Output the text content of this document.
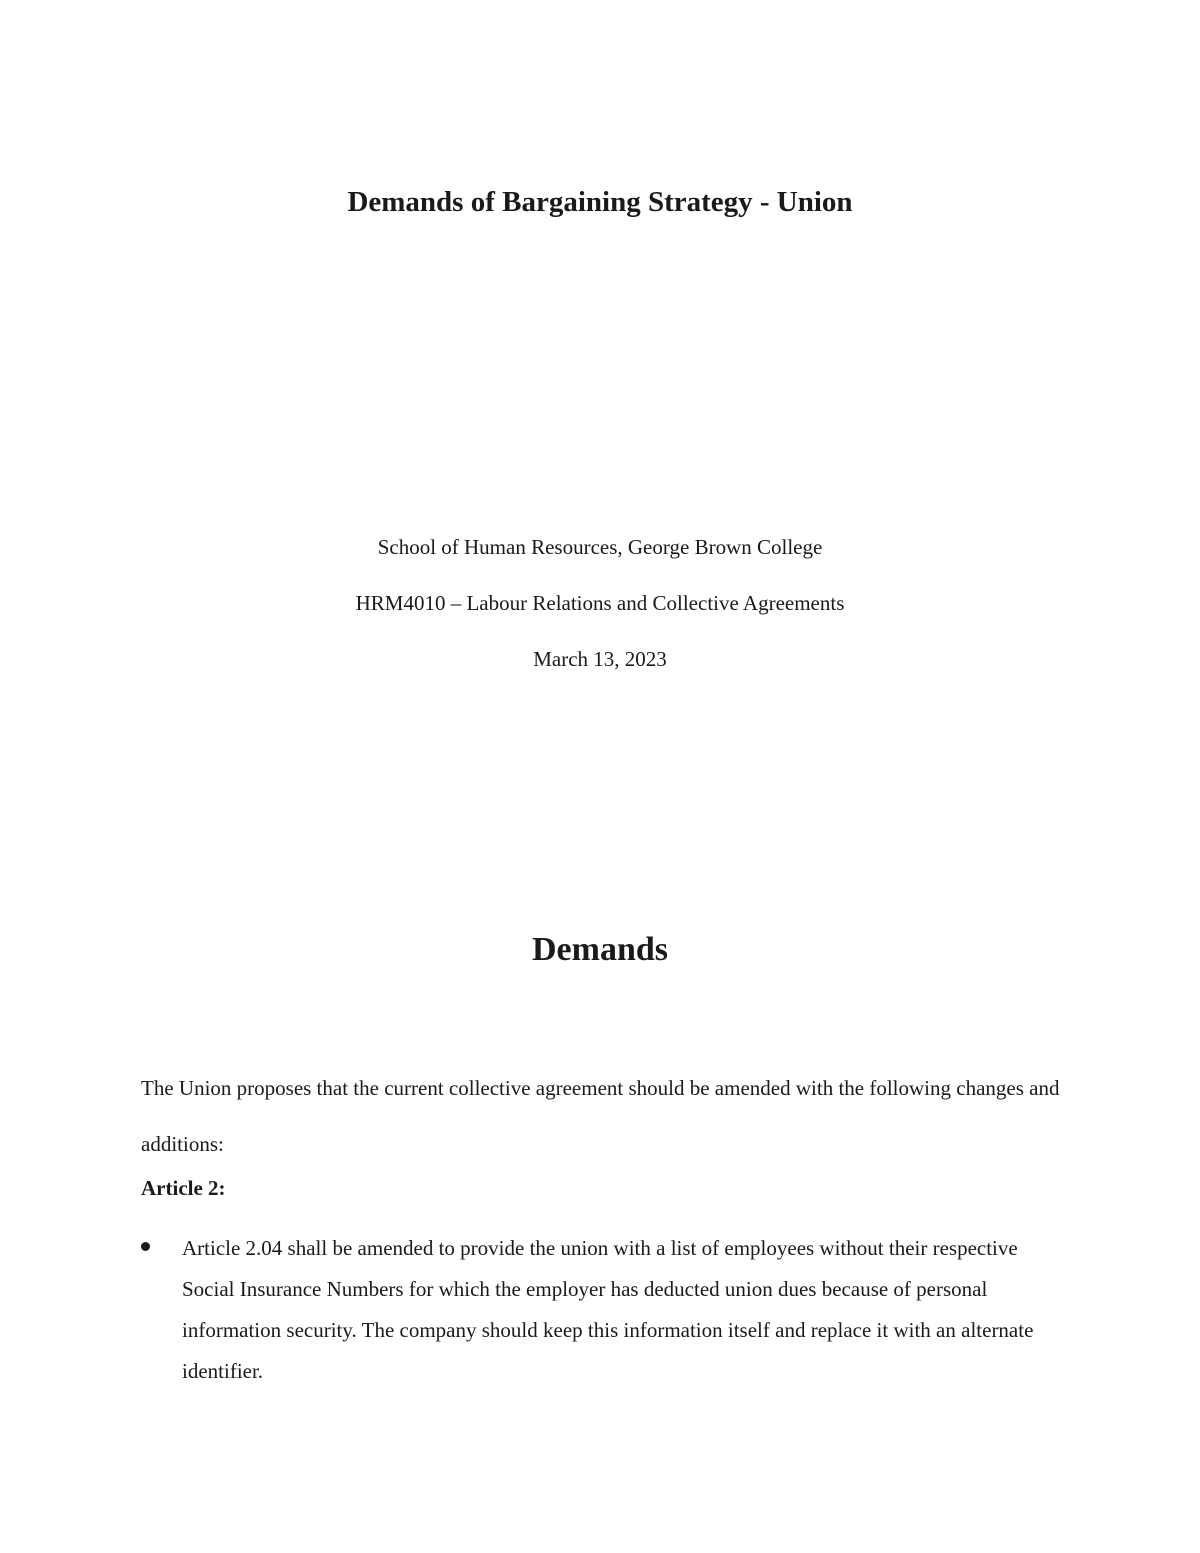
Demands of Bargaining Strategy - Union

School of Human Resources, George Brown College

HRM4010 – Labour Relations and Collective Agreements

March 13, 2023

Demands

The Union proposes that the current collective agreement should be amended with the following changes and additions:

Article 2:

Article 2.04 shall be amended to provide the union with a list of employees without their respective Social Insurance Numbers for which the employer has deducted union dues because of personal information security. The company should keep this information itself and replace it with an alternate identifier.
